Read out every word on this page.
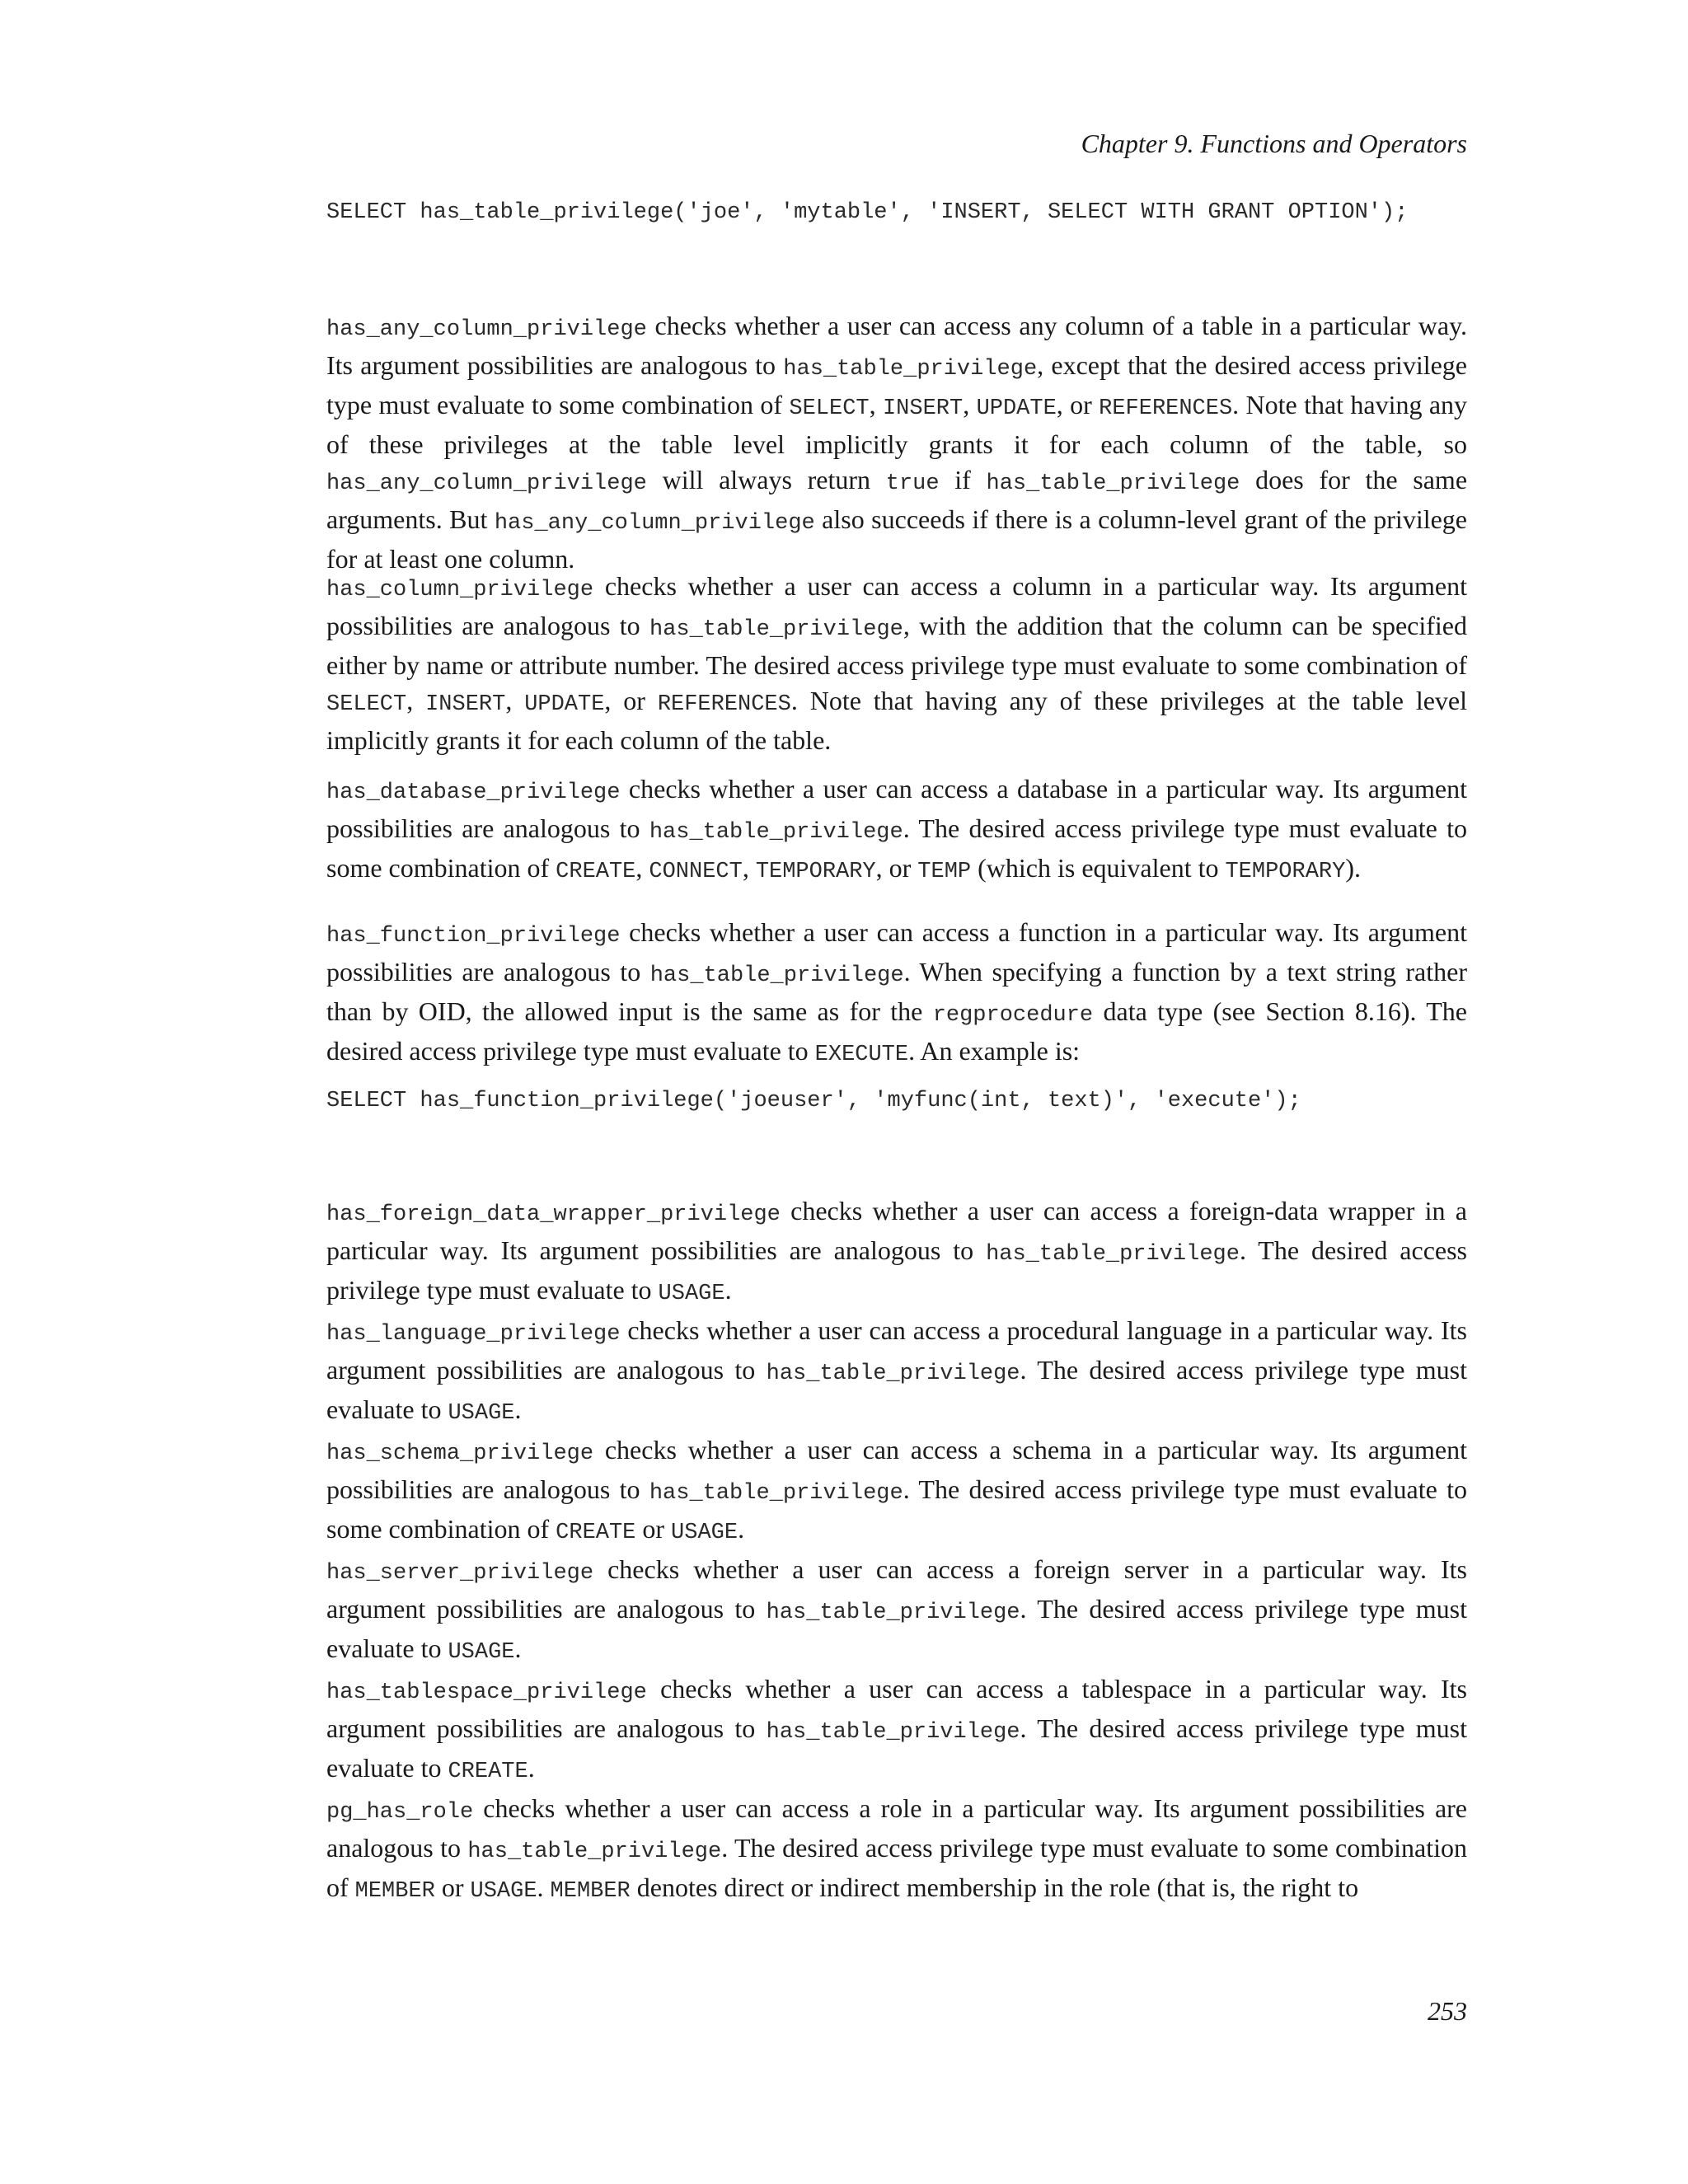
Chapter 9. Functions and Operators
SELECT has_table_privilege('joe', 'mytable', 'INSERT, SELECT WITH GRANT OPTION');

has_any_column_privilege checks whether a user can access any column of a table in a particular way. Its argument possibilities are analogous to has_table_privilege, except that the desired access privilege type must evaluate to some combination of SELECT, INSERT, UPDATE, or REFERENCES. Note that having any of these privileges at the table level implicitly grants it for each column of the table, so has_any_column_privilege will always return true if has_table_privilege does for the same arguments. But has_any_column_privilege also succeeds if there is a column-level grant of the privilege for at least one column.

has_column_privilege checks whether a user can access a column in a particular way. Its argument possibilities are analogous to has_table_privilege, with the addition that the column can be specified either by name or attribute number. The desired access privilege type must evaluate to some combination of SELECT, INSERT, UPDATE, or REFERENCES. Note that having any of these privileges at the table level implicitly grants it for each column of the table.

has_database_privilege checks whether a user can access a database in a particular way. Its argument possibilities are analogous to has_table_privilege. The desired access privilege type must evaluate to some combination of CREATE, CONNECT, TEMPORARY, or TEMP (which is equivalent to TEMPORARY).

has_function_privilege checks whether a user can access a function in a particular way. Its argument possibilities are analogous to has_table_privilege. When specifying a function by a text string rather than by OID, the allowed input is the same as for the regprocedure data type (see Section 8.16). The desired access privilege type must evaluate to EXECUTE. An example is:

SELECT has_function_privilege('joeuser', 'myfunc(int, text)', 'execute');

has_foreign_data_wrapper_privilege checks whether a user can access a foreign-data wrapper in a particular way. Its argument possibilities are analogous to has_table_privilege. The desired access privilege type must evaluate to USAGE.

has_language_privilege checks whether a user can access a procedural language in a particular way. Its argument possibilities are analogous to has_table_privilege. The desired access privilege type must evaluate to USAGE.

has_schema_privilege checks whether a user can access a schema in a particular way. Its argument possibilities are analogous to has_table_privilege. The desired access privilege type must evaluate to some combination of CREATE or USAGE.

has_server_privilege checks whether a user can access a foreign server in a particular way. Its argument possibilities are analogous to has_table_privilege. The desired access privilege type must evaluate to USAGE.

has_tablespace_privilege checks whether a user can access a tablespace in a particular way. Its argument possibilities are analogous to has_table_privilege. The desired access privilege type must evaluate to CREATE.

pg_has_role checks whether a user can access a role in a particular way. Its argument possibilities are analogous to has_table_privilege. The desired access privilege type must evaluate to some combination of MEMBER or USAGE. MEMBER denotes direct or indirect membership in the role (that is, the right to

253
